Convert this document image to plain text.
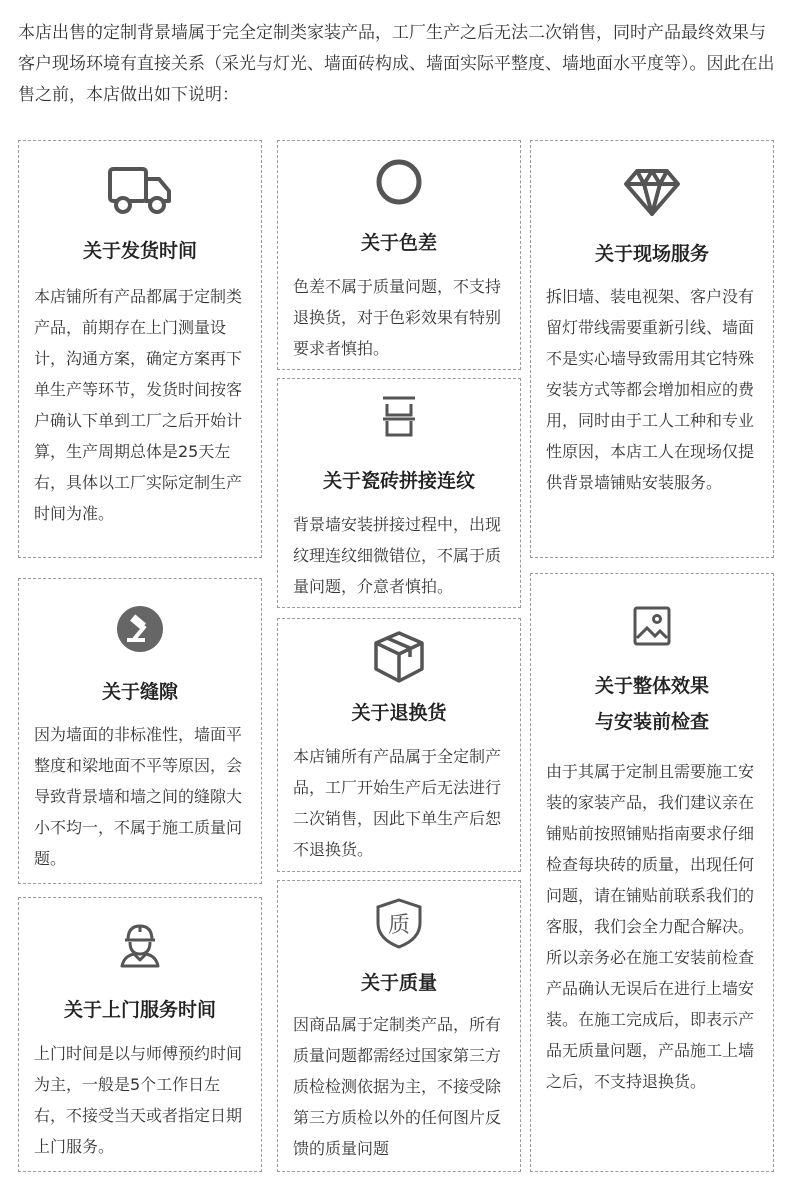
本店出售的定制背景墙属于完全定制类家装产品，工厂生产之后无法二次销售，同时产品最终效果与客户现场环境有直接关系（采光与灯光、墙面砖构成、墙面实际平整度、墙地面水平度等）。因此在出售之前，本店做出如下说明：

关于发货时间
本店铺所有产品都属于定制类产品，前期存在上门测量设计，沟通方案，确定方案再下单生产等环节，发货时间按客户确认下单到工厂之后开始计算，生产周期总体是25天左右，具体以工厂实际定制生产时间为准。
关于色差
色差不属于质量问题，不支持退换货，对于色彩效果有特别要求者慎拍。
关于现场服务
拆旧墙、装电视架、客户没有留灯带线需要重新引线、墙面不是实心墙导致需用其它特殊安装方式等都会增加相应的费用，同时由于工人工种和专业性原因，本店工人在现场仅提供背景墙铺贴安装服务。
关于瓷砖拼接连纹
背景墙安装拼接过程中，出现纹理连纹细微错位，不属于质量问题，介意者慎拍。
关于缝隙
因为墙面的非标准性，墙面平整度和梁地面不平等原因，会导致背景墙和墙之间的缝隙大小不均一，不属于施工质量问题。
关于退换货
本店铺所有产品属于全定制产品，工厂开始生产后无法进行二次销售，因此下单生产后恕不退换货。
关于整体效果
与安装前检查
由于其属于定制且需要施工安装的家装产品，我们建议亲在铺贴前按照铺贴指南要求仔细检查每块砖的质量，出现任何问题，请在铺贴前联系我们的客服，我们会全力配合解决。所以亲务必在施工安装前检查产品确认无误后在进行上墙安装。在施工完成后，即表示产品无质量问题，产品施工上墙之后，不支持退换货。
关于上门服务时间
上门时间是以与师傅预约时间为主，一般是5个工作日左右，不接受当天或者指定日期上门服务。
质
关于质量
因商品属于定制类产品，所有质量问题都需经过国家第三方质检检测依据为主，不接受除第三方质检以外的任何图片反馈的质量问题
